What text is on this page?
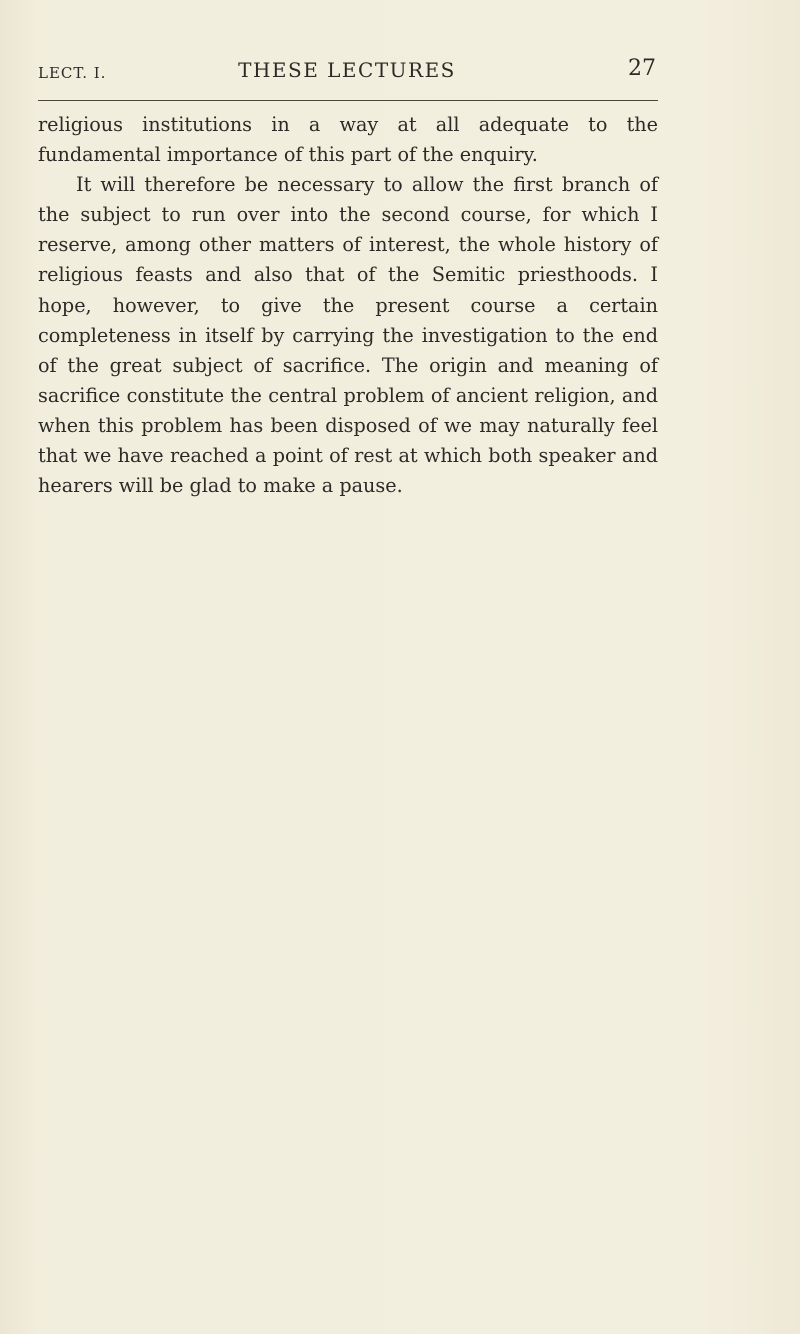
LECT. I.	THESE LECTURES	27

religious institutions in a way at all adequate to the fundamental importance of this part of the enquiry.

It will therefore be necessary to allow the first branch of the subject to run over into the second course, for which I reserve, among other matters of interest, the whole history of religious feasts and also that of the Semitic priesthoods. I hope, however, to give the present course a certain completeness in itself by carrying the investigation to the end of the great subject of sacrifice. The origin and meaning of sacrifice constitute the central problem of ancient religion, and when this problem has been disposed of we may naturally feel that we have reached a point of rest at which both speaker and hearers will be glad to make a pause.
